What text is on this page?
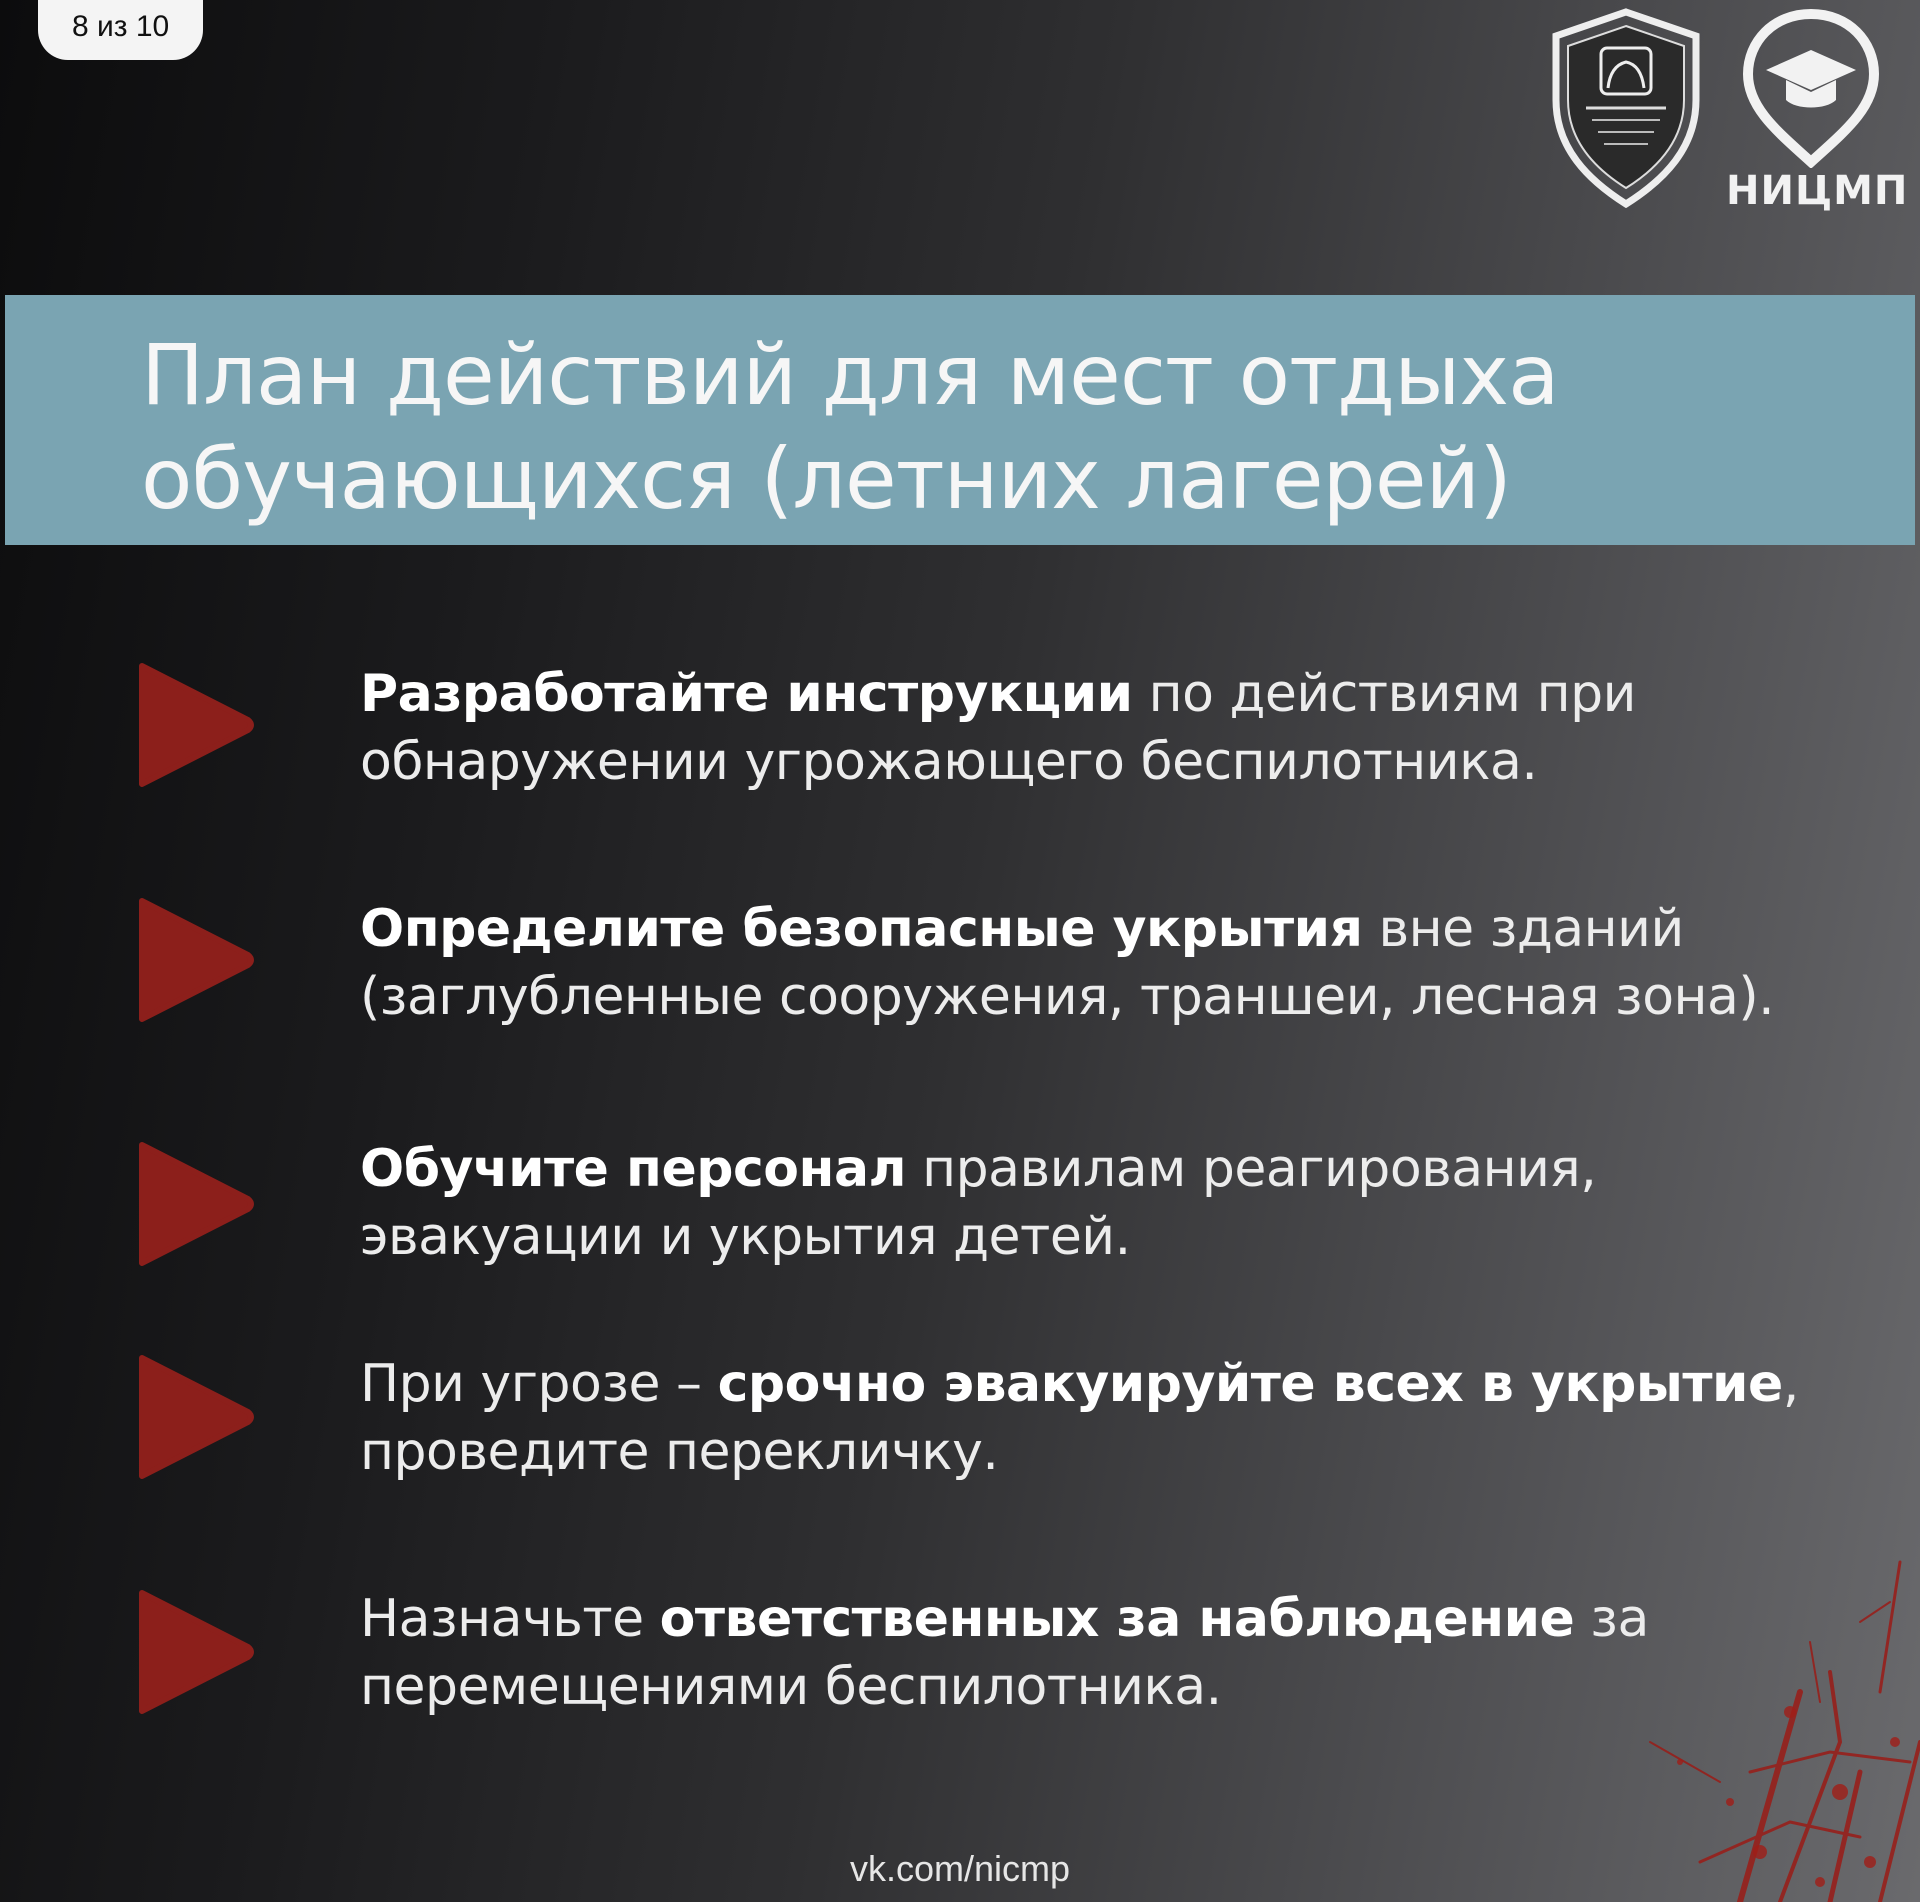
8 из 10
НИЦМП
План действий для мест отдыха
обучающихся (летних лагерей)
Разработайте инструкции по действиям при обнаружении угрожающего беспилотника.
Определите безопасные укрытия вне зданий (заглубленные сооружения, траншеи, лесная зона).
Обучите персонал правилам реагирования, эвакуации и укрытия детей.
При угрозе – срочно эвакуируйте всех в укрытие, проведите перекличку.
Назначьте ответственных за наблюдение за перемещениями беспилотника.
vk.com/nicmp
